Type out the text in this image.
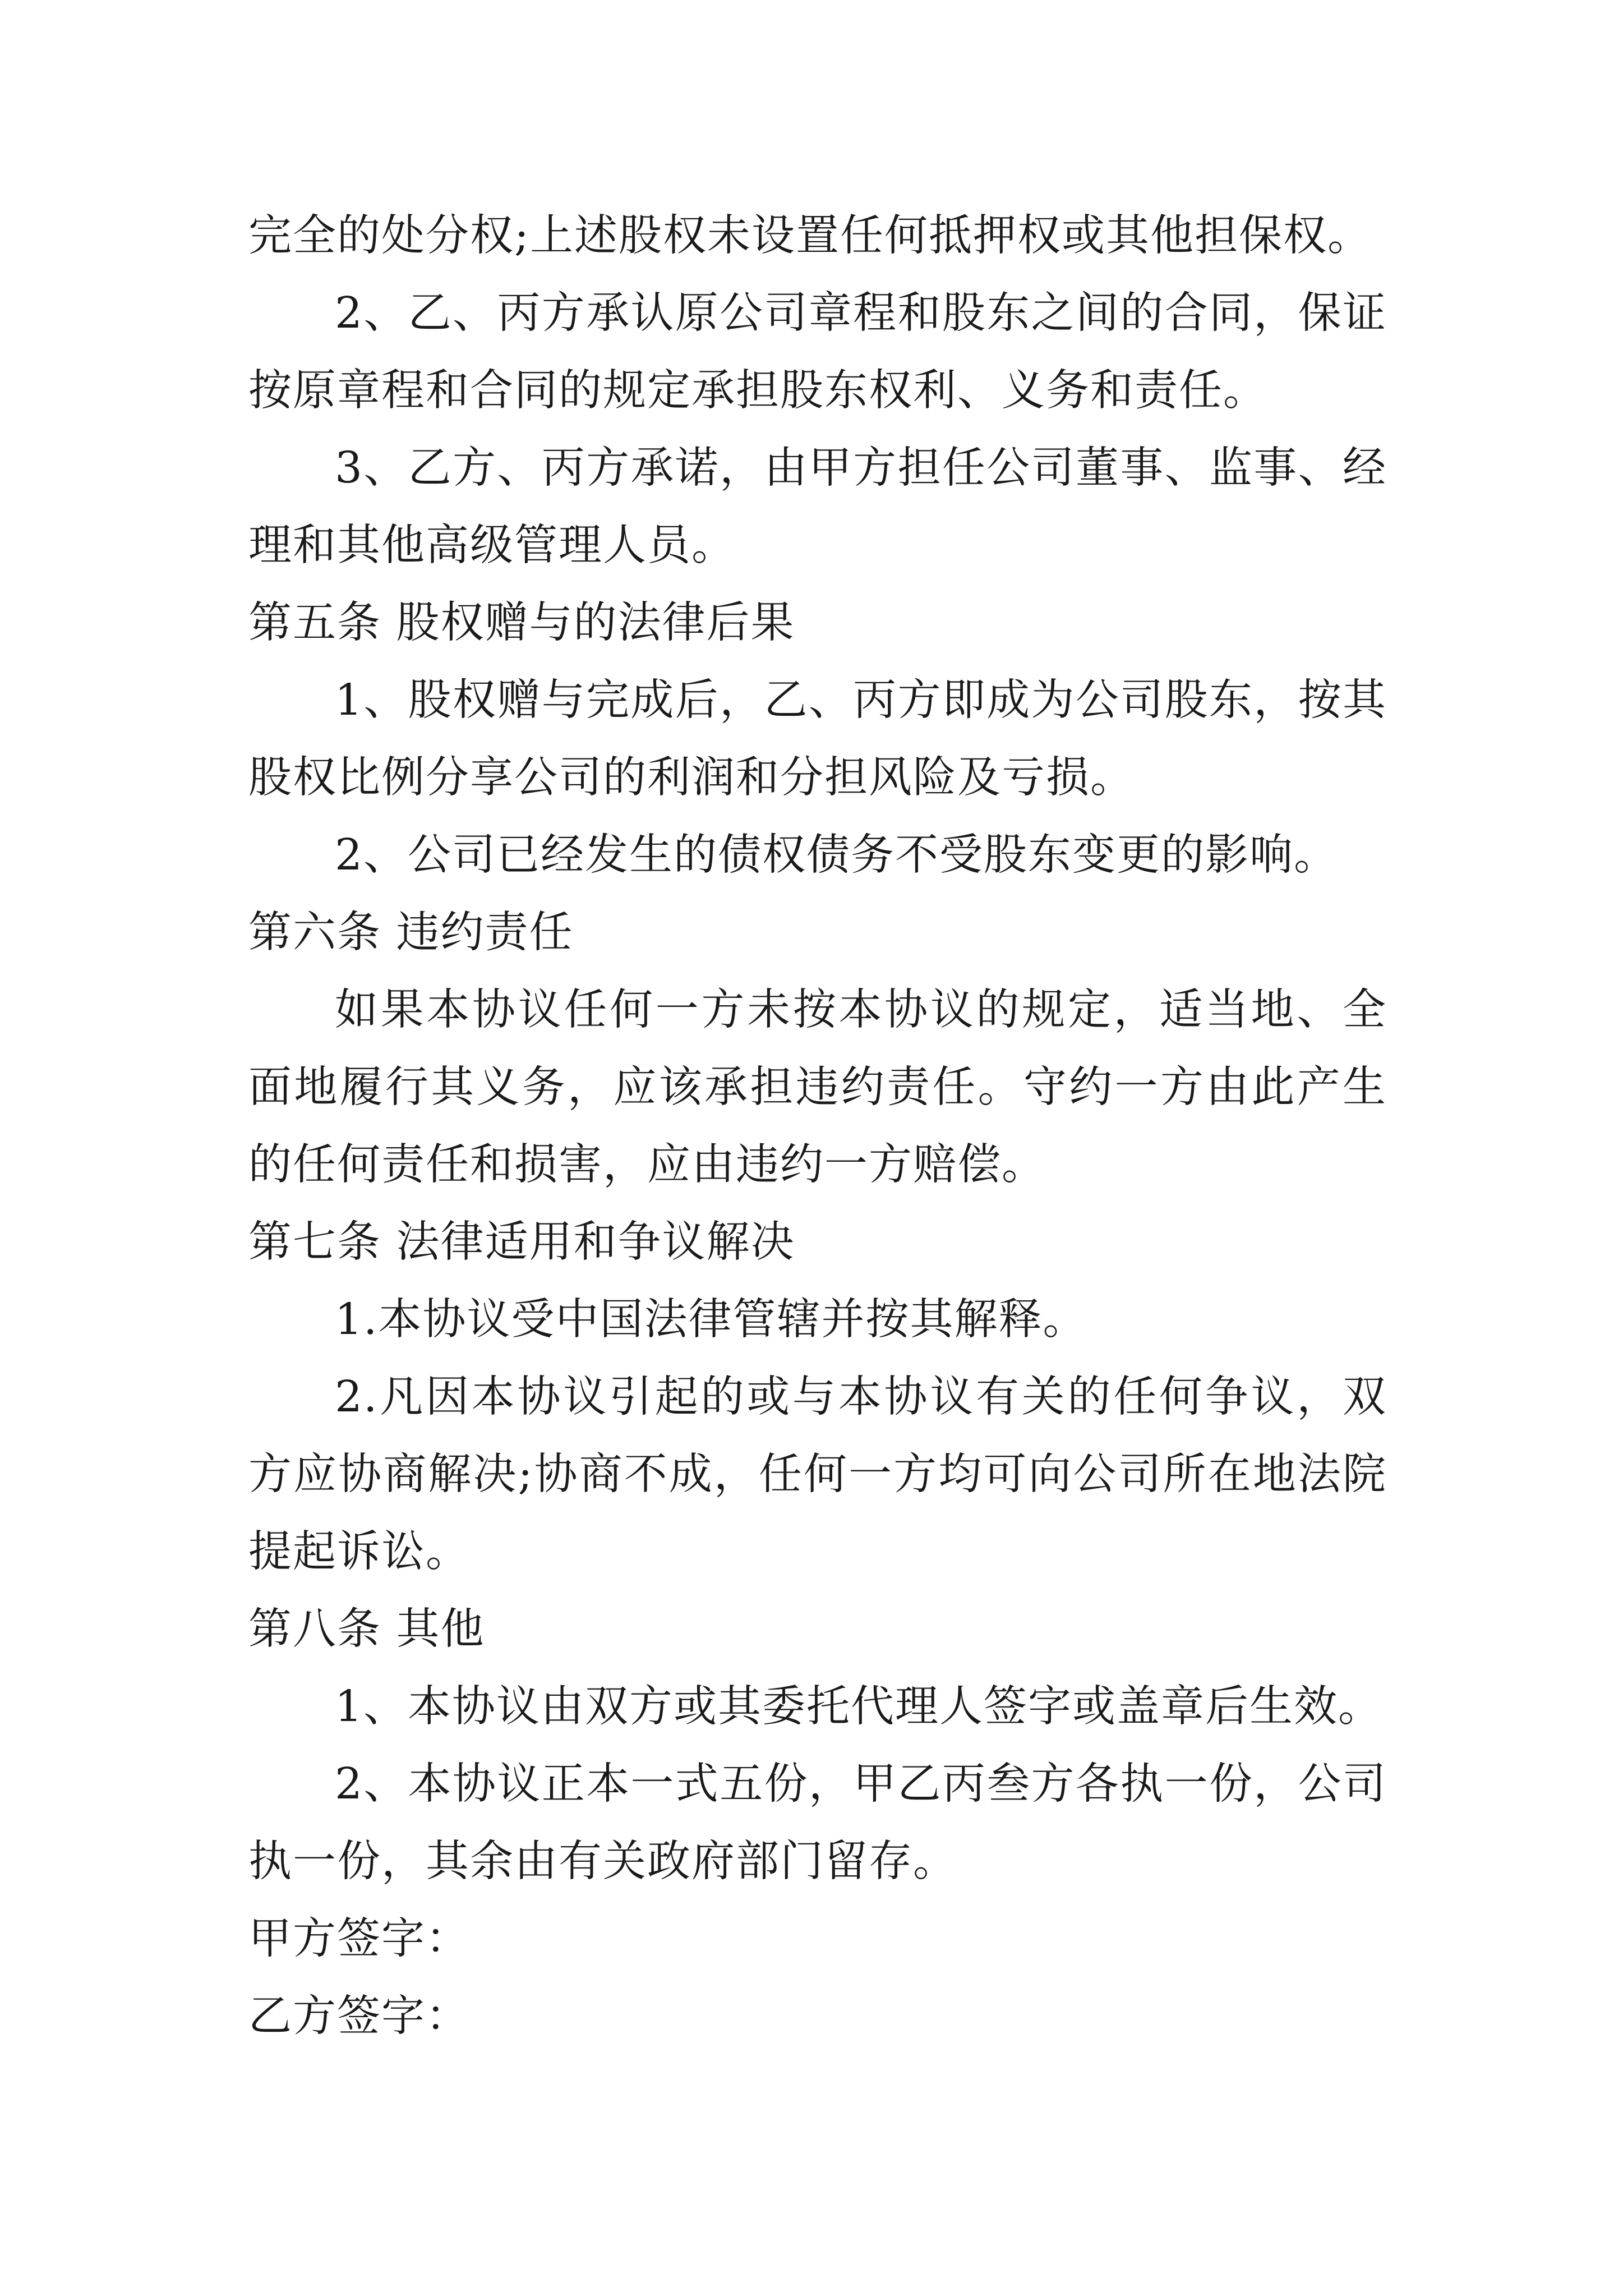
完全的处分权;上述股权未设置任何抵押权或其他担保权。

2、乙、丙方承认原公司章程和股东之间的合同，保证按原章程和合同的规定承担股东权利、义务和责任。

3、乙方、丙方承诺，由甲方担任公司董事、监事、经理和其他高级管理人员。

第五条 股权赠与的法律后果

1、股权赠与完成后，乙、丙方即成为公司股东，按其股权比例分享公司的利润和分担风险及亏损。

2、公司已经发生的债权债务不受股东变更的影响。

第六条 违约责任

如果本协议任何一方未按本协议的规定，适当地、全面地履行其义务，应该承担违约责任。守约一方由此产生的任何责任和损害，应由违约一方赔偿。

第七条 法律适用和争议解决

1.本协议受中国法律管辖并按其解释。

2.凡因本协议引起的或与本协议有关的任何争议，双方应协商解决;协商不成，任何一方均可向公司所在地法院提起诉讼。

第八条 其他

1、本协议由双方或其委托代理人签字或盖章后生效。

2、本协议正本一式五份，甲乙丙叁方各执一份，公司执一份，其余由有关政府部门留存。

甲方签字：

乙方签字：
